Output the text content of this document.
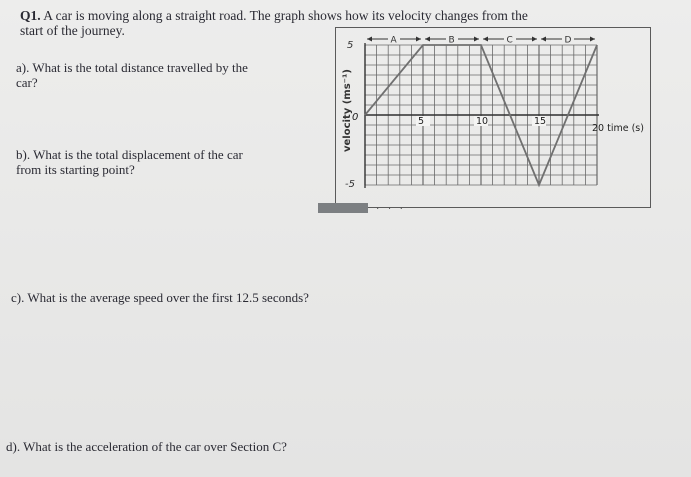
Q1. A car is moving along a straight road. The graph shows how its velocity changes from the
start of the journey.
a). What is the total distance travelled by the
car?
b). What is the total displacement of the car
from its starting point?
c). What is the average speed over the first 12.5 seconds?
d). What is the acceleration of the car over Section C?
· · ·
5
0
-5
20 time (s)
velocity (ms⁻¹)	5	10	15
A	B	C	D
